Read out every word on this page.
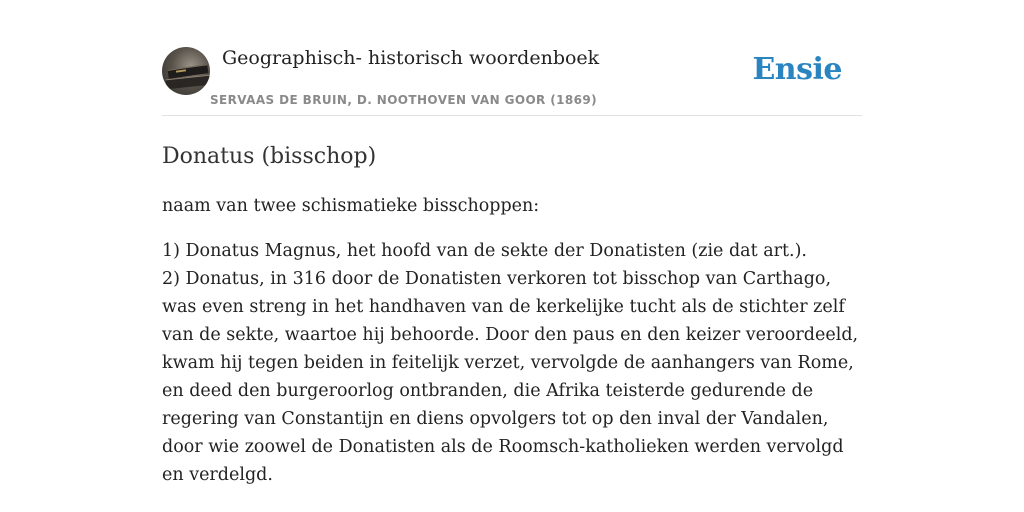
Geographisch- historisch woordenboek
SERVAAS DE BRUIN, D. NOOTHOVEN VAN GOOR (1869)
Ensie
Donatus (bisschop)

naam van twee schismatieke bisschoppen:

1) Donatus Magnus, het hoofd van de sekte der Donatisten (zie dat art.).
2) Donatus, in 316 door de Donatisten verkoren tot bisschop van Carthago, was even streng in het handhaven van de kerkelijke tucht als de stichter zelf van de sekte, waartoe hij behoorde. Door den paus en den keizer veroordeeld, kwam hij tegen beiden in feitelijk verzet, vervolgde de aanhangers van Rome, en deed den burgeroorlog ontbranden, die Afrika teisterde gedurende de regering van Constantijn en diens opvolgers tot op den inval der Vandalen, door wie zoowel de Donatisten als de Roomsch-katholieken werden vervolgd en verdelgd.
